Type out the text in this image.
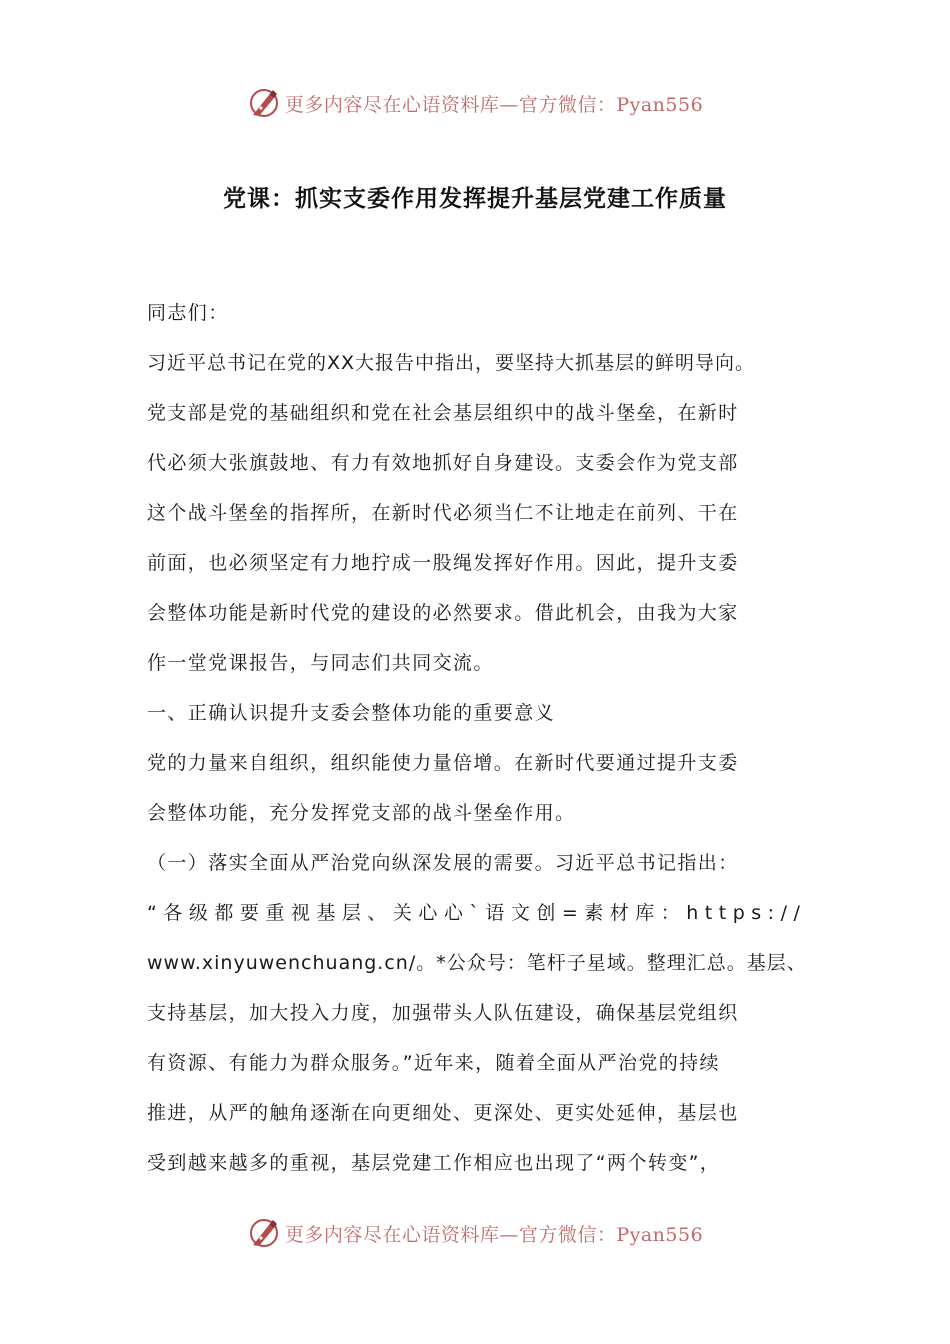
更多内容尽在心语资料库—官方微信：Pyan556
党课：抓实支委作用发挥提升基层党建工作质量
同志们：
习近平总书记在党的XX大报告中指出，要坚持大抓基层的鲜明导向。
党支部是党的基础组织和党在社会基层组织中的战斗堡垒，在新时
代必须大张旗鼓地、有力有效地抓好自身建设。支委会作为党支部
这个战斗堡垒的指挥所，在新时代必须当仁不让地走在前列、干在
前面，也必须坚定有力地拧成一股绳发挥好作用。因此，提升支委
会整体功能是新时代党的建设的必然要求。借此机会，由我为大家
作一堂党课报告，与同志们共同交流。
一、正确认识提升支委会整体功能的重要意义
党的力量来自组织，组织能使力量倍增。在新时代要通过提升支委
会整体功能，充分发挥党支部的战斗堡垒作用。
（一）落实全面从严治党向纵深发展的需要。习近平总书记指出：
“各级都要重视基层、关心心`语文创=素材库：https://
www.xinyuwenchuang.cn/。*公众号：笔杆子星域。整理汇总。基层、
支持基层，加大投入力度，加强带头人队伍建设，确保基层党组织
有资源、有能力为群众服务。”近年来，随着全面从严治党的持续
推进，从严的触角逐渐在向更细处、更深处、更实处延伸，基层也
受到越来越多的重视，基层党建工作相应也出现了“两个转变”，
更多内容尽在心语资料库—官方微信：Pyan556
